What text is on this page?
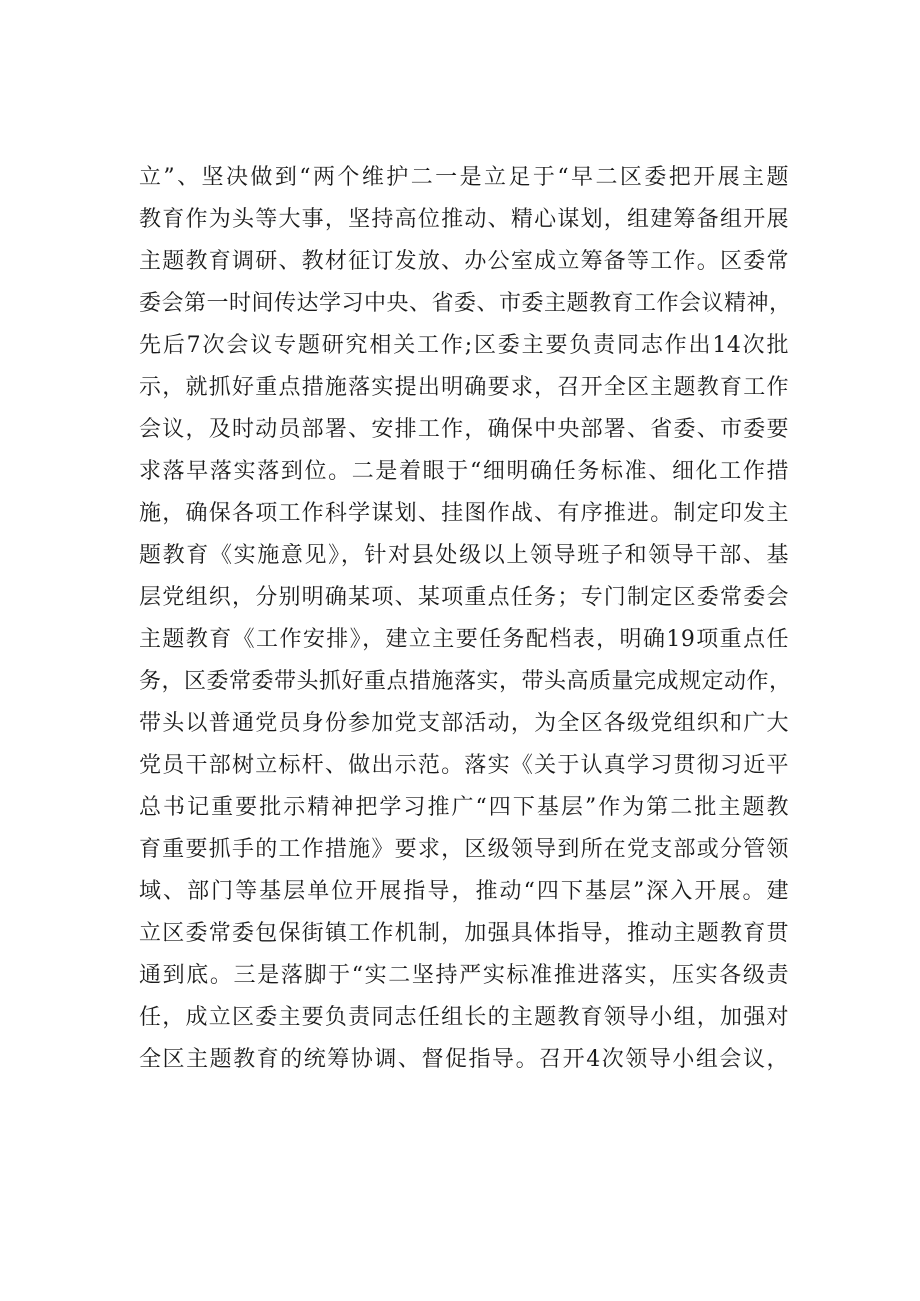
立”、坚决做到“两个维护二一是立足于“早二区委把开展主题
教育作为头等大事，坚持高位推动、精心谋划，组建筹备组开展
主题教育调研、教材征订发放、办公室成立筹备等工作。区委常
委会第一时间传达学习中央、省委、市委主题教育工作会议精神，
先后7次会议专题研究相关工作;区委主要负责同志作出14次批
示，就抓好重点措施落实提出明确要求，召开全区主题教育工作
会议，及时动员部署、安排工作，确保中央部署、省委、市委要
求落早落实落到位。二是着眼于“细明确任务标准、细化工作措
施，确保各项工作科学谋划、挂图作战、有序推进。制定印发主
题教育《实施意见》，针对县处级以上领导班子和领导干部、基
层党组织，分别明确某项、某项重点任务；专门制定区委常委会
主题教育《工作安排》，建立主要任务配档表，明确19项重点任
务，区委常委带头抓好重点措施落实，带头高质量完成规定动作，
带头以普通党员身份参加党支部活动，为全区各级党组织和广大
党员干部树立标杆、做出示范。落实《关于认真学习贯彻习近平
总书记重要批示精神把学习推广“四下基层”作为第二批主题教
育重要抓手的工作措施》要求，区级领导到所在党支部或分管领
域、部门等基层单位开展指导，推动“四下基层”深入开展。建
立区委常委包保街镇工作机制，加强具体指导，推动主题教育贯
通到底。三是落脚于“实二坚持严实标准推进落实，压实各级责
任，成立区委主要负责同志任组长的主题教育领导小组，加强对
全区主题教育的统筹协调、督促指导。召开4次领导小组会议，
